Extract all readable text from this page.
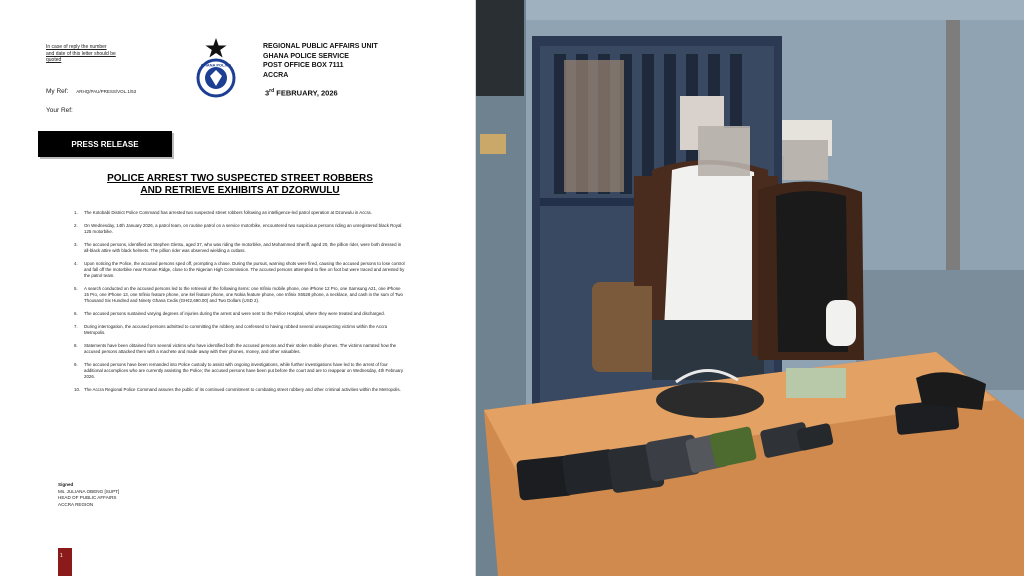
In case of reply the number and date of this letter should be quoted
GHANA POLICE
REGIONAL PUBLIC AFFAIRS UNIT
GHANA POLICE SERVICE
POST OFFICE BOX 7111
ACCRA
My Ref: ARHQ/PAU/PRESS/VOL.1/53	3rd FEBRUARY, 2026
Your Ref:
PRESS RELEASE
POLICE ARREST TWO SUSPECTED STREET ROBBERS
AND RETRIEVE EXHIBITS AT DZORWULU
1. The Kotobabi District Police Command has arrested two suspected street robbers following an intelligence-led patrol operation at Dzorwulu in Accra.
2. On Wednesday, 14th January 2026, a patrol team, on routine patrol on a service motorbike, encountered two suspicious persons riding an unregistered black Royal 125 motorbike.
3. The accused persons, identified as Stephen Gletsu, aged 37, who was riding the motorbike, and Mohammed Sheriff, aged 20, the pillion rider, were both dressed in all-black attire with black helmets. The pillion rider was observed wielding a cutlass.
4. Upon noticing the Police, the accused persons sped off, prompting a chase. During the pursuit, warning shots were fired, causing the accused persons to lose control and fall off the motorbike near Roman Ridge, close to the Nigerian High Commission. The accused persons attempted to flee on foot but were traced and arrested by the patrol team.
5. A search conducted on the accused persons led to the retrieval of the following items: one Infinix mobile phone, one iPhone 12 Pro, one Samsung A21, one iPhone 15 Pro, one iPhone 13, one Infinix feature phone, one itel feature phone, one Nokia feature phone, one Infinix X6528 phone, a necklace, and cash in the sum of Two Thousand Six Hundred and Ninety Ghana Cedis (GH¢2,690.00) and Two Dollars (USD 2).
6. The accused persons sustained varying degrees of injuries during the arrest and were sent to the Police Hospital, where they were treated and discharged.
7. During interrogation, the accused persons admitted to committing the robbery and confessed to having robbed several unsuspecting victims within the Accra Metropolis.
8. Statements have been obtained from several victims who have identified both the accused persons and their stolen mobile phones. The victims narrated how the accused persons attacked them with a machete and made away with their phones, money, and other valuables.
9. The accused persons have been remanded into Police custody to assist with ongoing investigations, while further investigations have led to the arrest of four additional accomplices who are currently assisting the Police; the accused persons have been put before the court and are to reappear on Wednesday, 4th February 2026.
10. The Accra Regional Police Command assures the public of its continued commitment to combating street robbery and other criminal activities within the Metropolis.
Signed
Ms. JULIANA OBENG [SUPT]
HEAD OF PUBLIC AFFAIRS
ACCRA REGION
1
